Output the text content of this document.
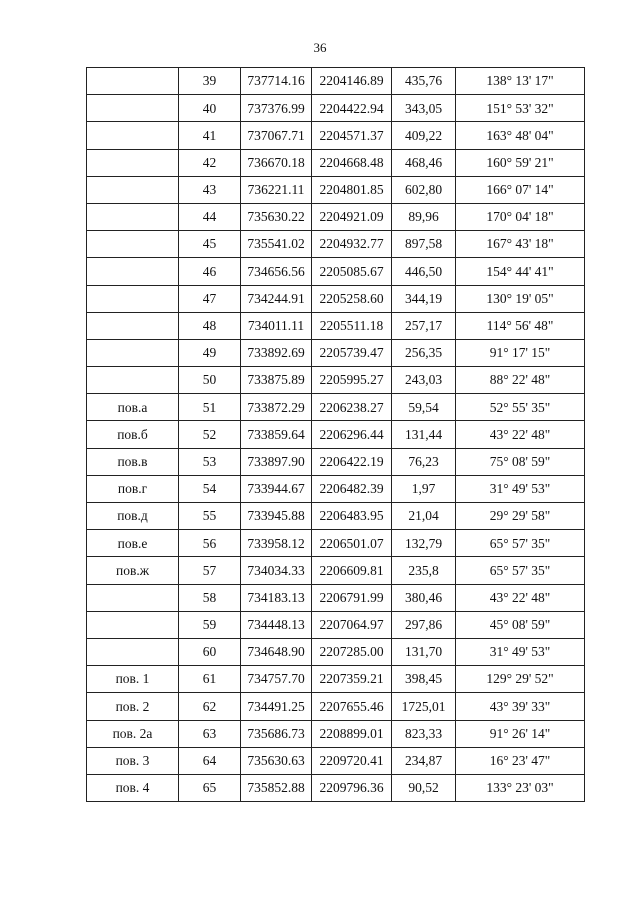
36
	39	737714.16	2204146.89	435,76	138° 13' 17"
	40	737376.99	2204422.94	343,05	151° 53' 32"
	41	737067.71	2204571.37	409,22	163° 48' 04"
	42	736670.18	2204668.48	468,46	160° 59' 21"
	43	736221.11	2204801.85	602,80	166° 07' 14"
	44	735630.22	2204921.09	89,96	170° 04' 18"
	45	735541.02	2204932.77	897,58	167° 43' 18"
	46	734656.56	2205085.67	446,50	154° 44' 41"
	47	734244.91	2205258.60	344,19	130° 19' 05"
	48	734011.11	2205511.18	257,17	114° 56' 48"
	49	733892.69	2205739.47	256,35	91° 17' 15"
	50	733875.89	2205995.27	243,03	88° 22' 48"
пов.а	51	733872.29	2206238.27	59,54	52° 55' 35"
пов.б	52	733859.64	2206296.44	131,44	43° 22' 48"
пов.в	53	733897.90	2206422.19	76,23	75° 08' 59"
пов.г	54	733944.67	2206482.39	1,97	31° 49' 53"
пов.д	55	733945.88	2206483.95	21,04	29° 29' 58"
пов.е	56	733958.12	2206501.07	132,79	65° 57' 35"
пов.ж	57	734034.33	2206609.81	235,8	65° 57' 35"
	58	734183.13	2206791.99	380,46	43° 22' 48"
	59	734448.13	2207064.97	297,86	45° 08' 59"
	60	734648.90	2207285.00	131,70	31° 49' 53"
пов. 1	61	734757.70	2207359.21	398,45	129° 29' 52"
пов. 2	62	734491.25	2207655.46	1725,01	43° 39' 33"
пов. 2а	63	735686.73	2208899.01	823,33	91° 26' 14"
пов. 3	64	735630.63	2209720.41	234,87	16° 23' 47"
пов. 4	65	735852.88	2209796.36	90,52	133° 23' 03"
